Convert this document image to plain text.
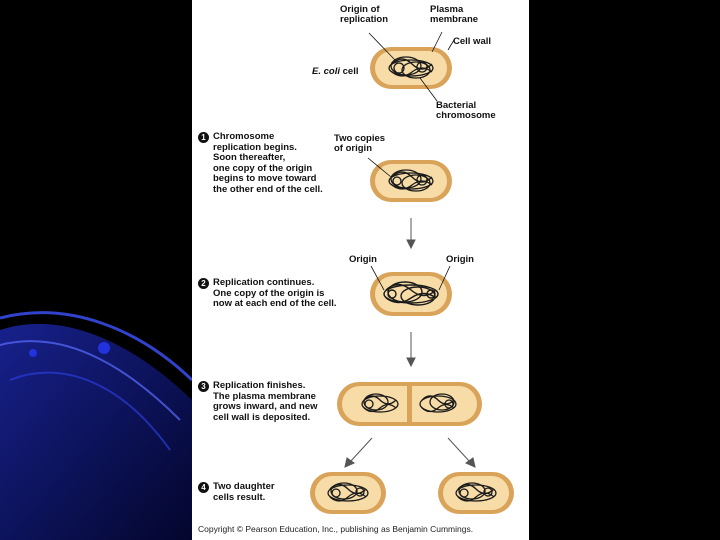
Origin of
replication
Plasma
membrane
Cell wall
E. coli cell
Bacterial
chromosome
Two copies
of origin
Origin	Origin
1 Chromosome
replication begins.
Soon thereafter,
one copy of the origin
begins to move toward
the other end of the cell.
2 Replication continues.
One copy of the origin is
now at each end of the cell.
3 Replication finishes.
The plasma membrane
grows inward, and new
cell wall is deposited.
4 Two daughter
cells result.
Copyright © Pearson Education, Inc., publishing as Benjamin Cummings.
